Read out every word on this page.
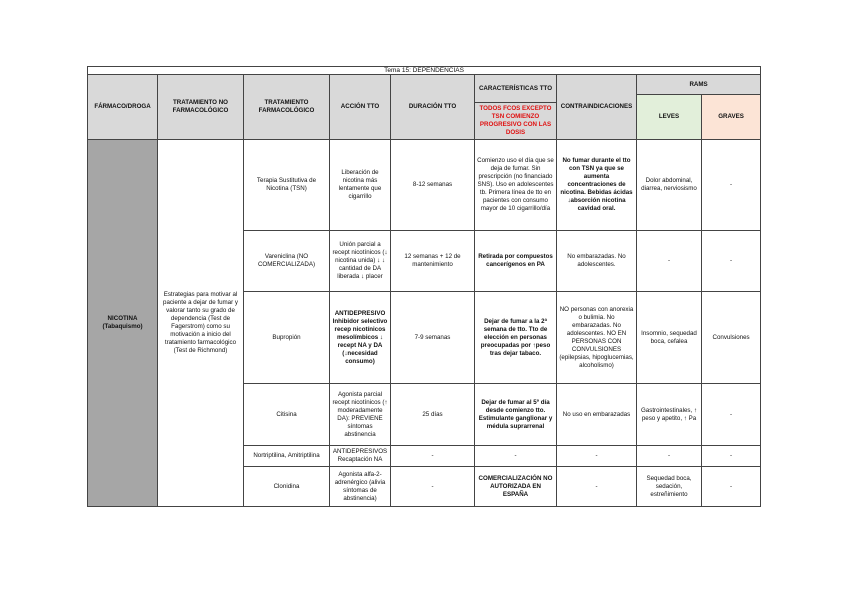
Tema 15: DEPENDENCIAS								
FÁRMACO/DROGA	TRATAMIENTO NO FARMACOLÓGICO	TRATAMIENTO FARMACOLÓGICO	ACCIÓN TTO	DURACIÓN TTO	CARACTERÍSTICAS TTO	CONTRAINDICACIONES	RAMS	
							LEVES	GRAVES
					TODOS FCOS EXCEPTO TSN COMIENZO PROGRESIVO CON LAS DOSIS			
NICOTINA (Tabaquismo)	Estrategias para motivar al paciente a dejar de fumar y valorar tanto su grado de dependencia (Test de Fagerstrom) como su motivación a inicio del tratamiento farmacológico (Test de Richmond)	Terapia Sustitutiva de Nicotina (TSN)	Liberación de nicotina más lentamente que cigarrillo	8-12 semanas	Comienzo uso el día que se deja de fumar. Sin prescripción (no financiado SNS). Uso en adolescentes tb. Primera línea de tto en pacientes con consumo mayor de 10 cigarrillo/día	No fumar durante el tto con TSN ya que se aumenta concentraciones de nicotina. Bebidas ácidas ↓absorción nicotina cavidad oral.	Dolor abdominal, diarrea, nerviosismo	-
		Vareniclina (NO COMERCIALIZADA)	Unión parcial a recept nicotínicos (↓ nicotina unida) ↓ ↓ cantidad de DA liberada ↓ placer	12 semanas + 12 de mantenimiento	Retirada por compuestos cancerígenos en PA	No embarazadas. No adolescentes.	-	-
		Bupropión	ANTIDEPRESIVO Inhibidor selectivo recep nicotínicos mesolímbicos ↓ recept NA y DA (↓necesidad consumo)	7-9 semanas	Dejar de fumar a la 2ª semana de tto. Tto de elección en personas preocupadas por ↑peso tras dejar tabaco.	NO personas con anorexia o bulimia. No embarazadas. No adolescentes. NO EN PERSONAS CON CONVULSIONES (epilepsias, hipoglucemias, alcoholismo)	Insomnio, sequedad boca, cefalea	Convulsiones
		Citisina	Agonista parcial recept nicotínicos (↑ moderadamente DA): PREVIENE síntomas abstinencia	25 días	Dejar de fumar al 5º día desde comienzo tto. Estimulante ganglionar y médula suprarrenal	No uso en embarazadas	Gastrointestinales, ↑ peso y apetito, ↑ Pa	-
		Nortriptilina, Amitriptilina	ANTIDEPRESIVOS Recaptación NA	-	-	-	-	-
		Clonidina	Agonista alfa-2-adrenérgico (alivia síntomas de abstinencia)	-	COMERCIALIZACIÓN NO AUTORIZADA EN ESPAÑA	-	Sequedad boca, sedación, estreñimiento	-
